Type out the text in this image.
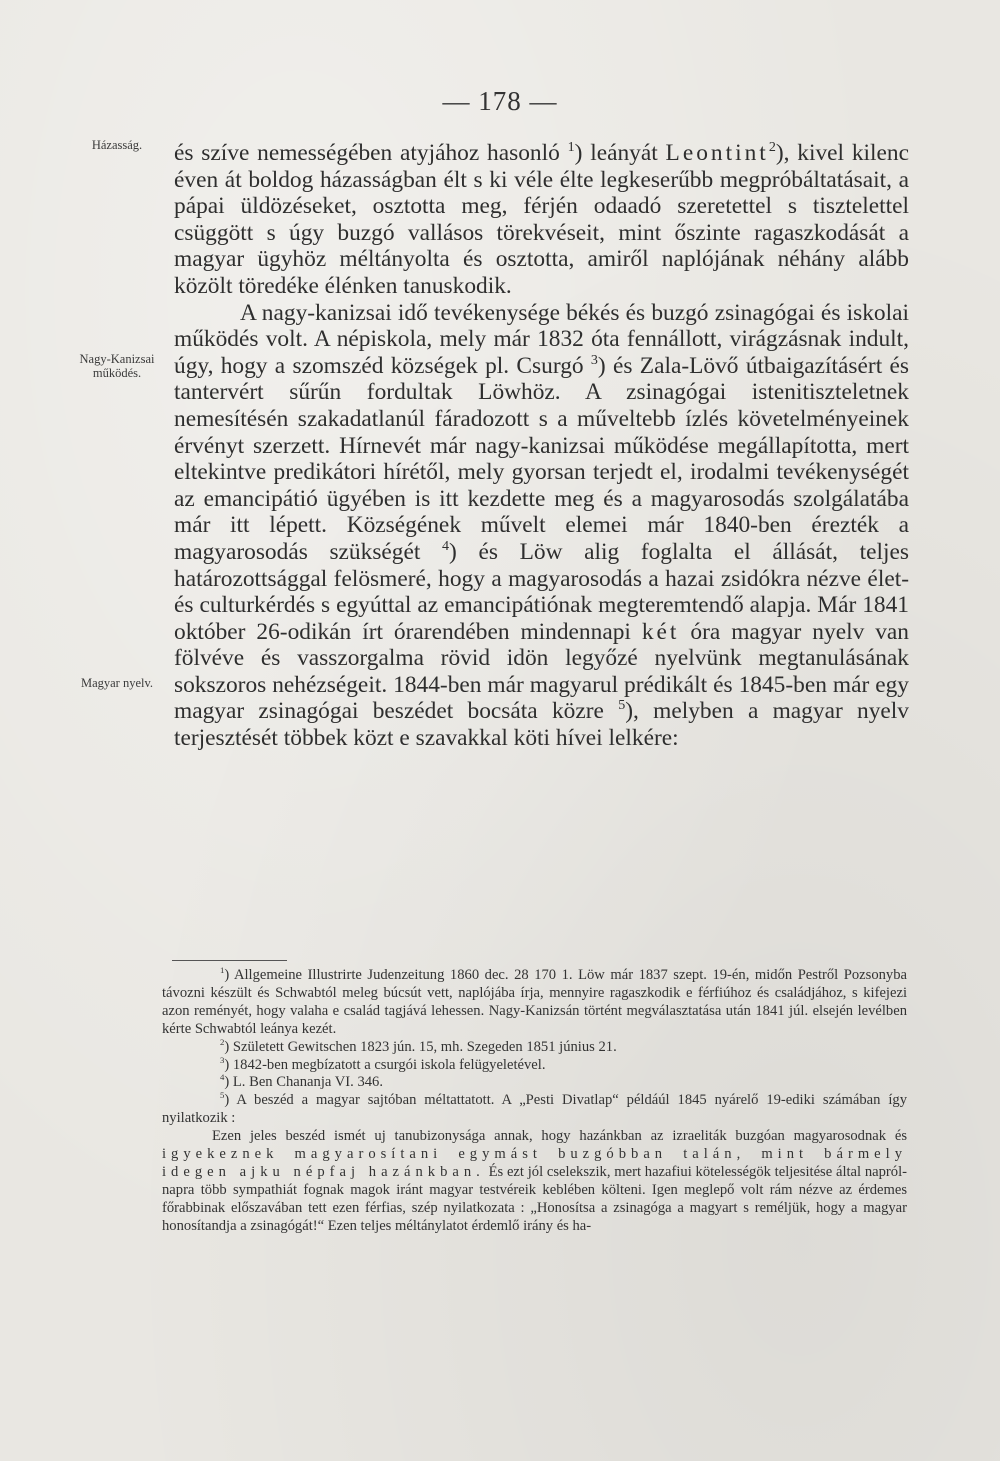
— 178 —
Házasság.
Nagy-Kanizsai működés.
Magyar nyelv.

és szíve nemességében atyjához hasonló $^1$) leányát Leontint$^2$), kivel kilenc éven át boldog házasságban élt s ki véle élte legkeserűbb megpróbáltatásait, a pápai üldözéseket, osztotta meg, férjén odaadó szeretettel s tisztelettel csüggött s úgy buzgó vallásos törekvéseit, mint őszinte ragaszkodását a magyar ügyhöz méltányolta és osztotta, amiről naplójának néhány alább közölt töredéke élénken tanuskodik.

A nagy-kanizsai idő tevékenysége békés és buzgó zsinagógai és iskolai működés volt. A népiskola, mely már 1832 óta fennállott, virágzásnak indult, úgy, hogy a szomszéd községek pl. Csurgó $^3$) és Zala-Lövő útbaigazításért és tantervért sűrűn fordultak Löwhöz. A zsinagógai istenitiszteletnek nemesítésén szakadatlanúl fáradozott s a műveltebb ízlés követelményeinek érvényt szerzett. Hírnevét már nagy-kanizsai működése megállapította, mert eltekintve predikátori hírétől, mely gyorsan terjedt el, irodalmi tevékenységét az emancipátió ügyében is itt kezdette meg és a magyarosodás szolgálatába már itt lépett. Községének művelt elemei már 1840-ben érezték a magyarosodás szükségét $^4$) és Löw alig foglalta el állását, teljes határozottsággal felösmeré, hogy a magyarosodás a hazai zsidókra nézve élet- és culturkérdés s egyúttal az emancipátiónak megteremtendő alapja. Már 1841 október 26-odikán írt órarendében mindennapi két óra magyar nyelv van fölvéve és vasszorgalma rövid idön legyőzé nyelvünk megtanulásának sokszoros nehézségeit. 1844-ben már magyarul prédikált és 1845-ben már egy magyar zsinagógai beszédet bocsáta közre $^5$), melyben a magyar nyelv terjesztését többek közt e szavakkal köti hívei lelkére:

$^1$) Allgemeine Illustrirte Judenzeitung 1860 dec. 28 170 1. Löw már 1837 szept. 19-én, midőn Pestről Pozsonyba távozni készült és Schwabtól meleg búcsút vett, naplójába írja, mennyire ragaszkodik e férfiúhoz és családjához, s kifejezi azon reményét, hogy valaha e család tagjává lehessen. Nagy-Kanizsán történt megválasztatása után 1841 júl. elsején levélben kérte Schwabtól leánya kezét.

$^2$) Született Gewitschen 1823 jún. 15, mh. Szegeden 1851 június 21.

$^3$) 1842-ben megbízatott a csurgói iskola felügyeletével.

$^4$) L. Ben Chananja VI. 346.

$^5$) A beszéd a magyar sajtóban méltattatott. A „Pesti Divatlap“ példáúl 1845 nyárelő 19-ediki számában így nyilatkozik :

Ezen jeles beszéd ismét uj tanubizonysága annak, hogy hazánkban az izraeliták buzgóan magyarosodnak és igyekeznek magyarosítani egymást buzgóbban talán, mint bármely idegen ajku népfaj hazánkban. És ezt jól cselekszik, mert hazafiui kötelességök teljesitése által napról-napra több sympathiát fognak magok iránt magyar testvéreik keblében költeni. Igen meglepő volt rám nézve az érdemes főrabbinak előszavában tett ezen férfias, szép nyilatkozata : „Honosítsa a zsinagóga a magyart s reméljük, hogy a magyar honosítandja a zsinagógát!“ Ezen teljes méltánylatot érdemlő irány és ha-
